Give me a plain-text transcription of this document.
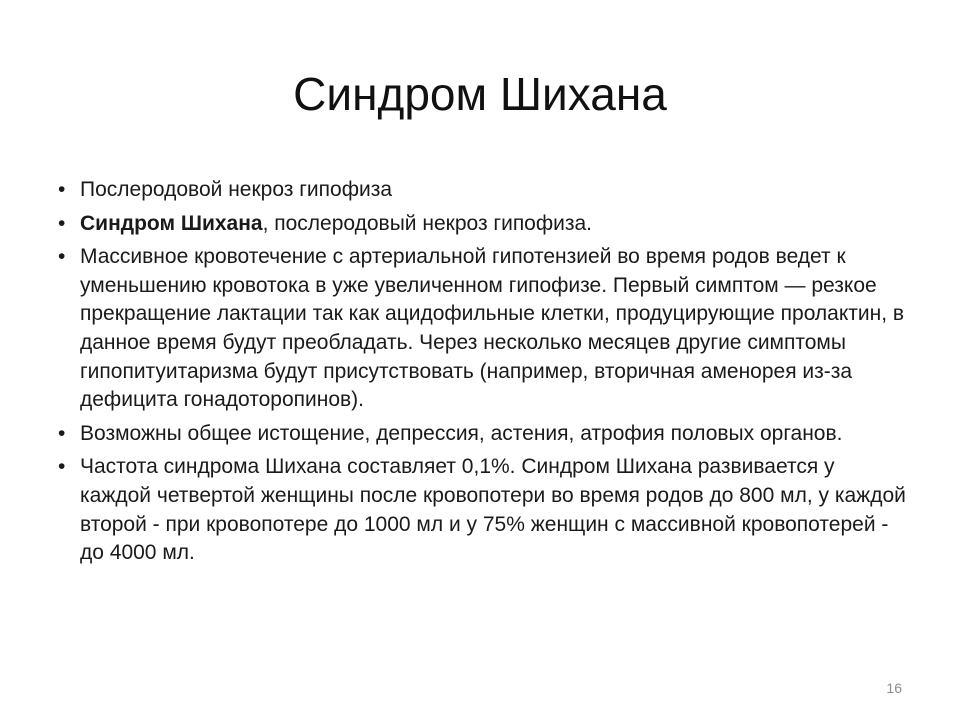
Синдром Шихана
• Послеродовой некроз гипофиза
• Синдром Шихана, послеродовый некроз гипофиза.
• Массивное кровотечение с артериальной гипотензией во время родов ведет к уменьшению кровотока в уже увеличенном гипофизе. Первый симптом — резкое прекращение лактации так как ацидофильные клетки, продуцирующие пролактин, в данное время будут преобладать. Через несколько месяцев другие симптомы гипопитуитаризма будут присутствовать (например, вторичная аменорея из-за дефицита гонадоторопинов).
• Возможны общее истощение, депрессия, астения, атрофия половых органов.
• Частота синдрома Шихана составляет 0,1%. Синдром Шихана развивается у каждой четвертой женщины после кровопотери во время родов до 800 мл, у каждой второй - при кровопотере до 1000 мл и у 75% женщин с массивной кровопотерей - до 4000 мл.
16
